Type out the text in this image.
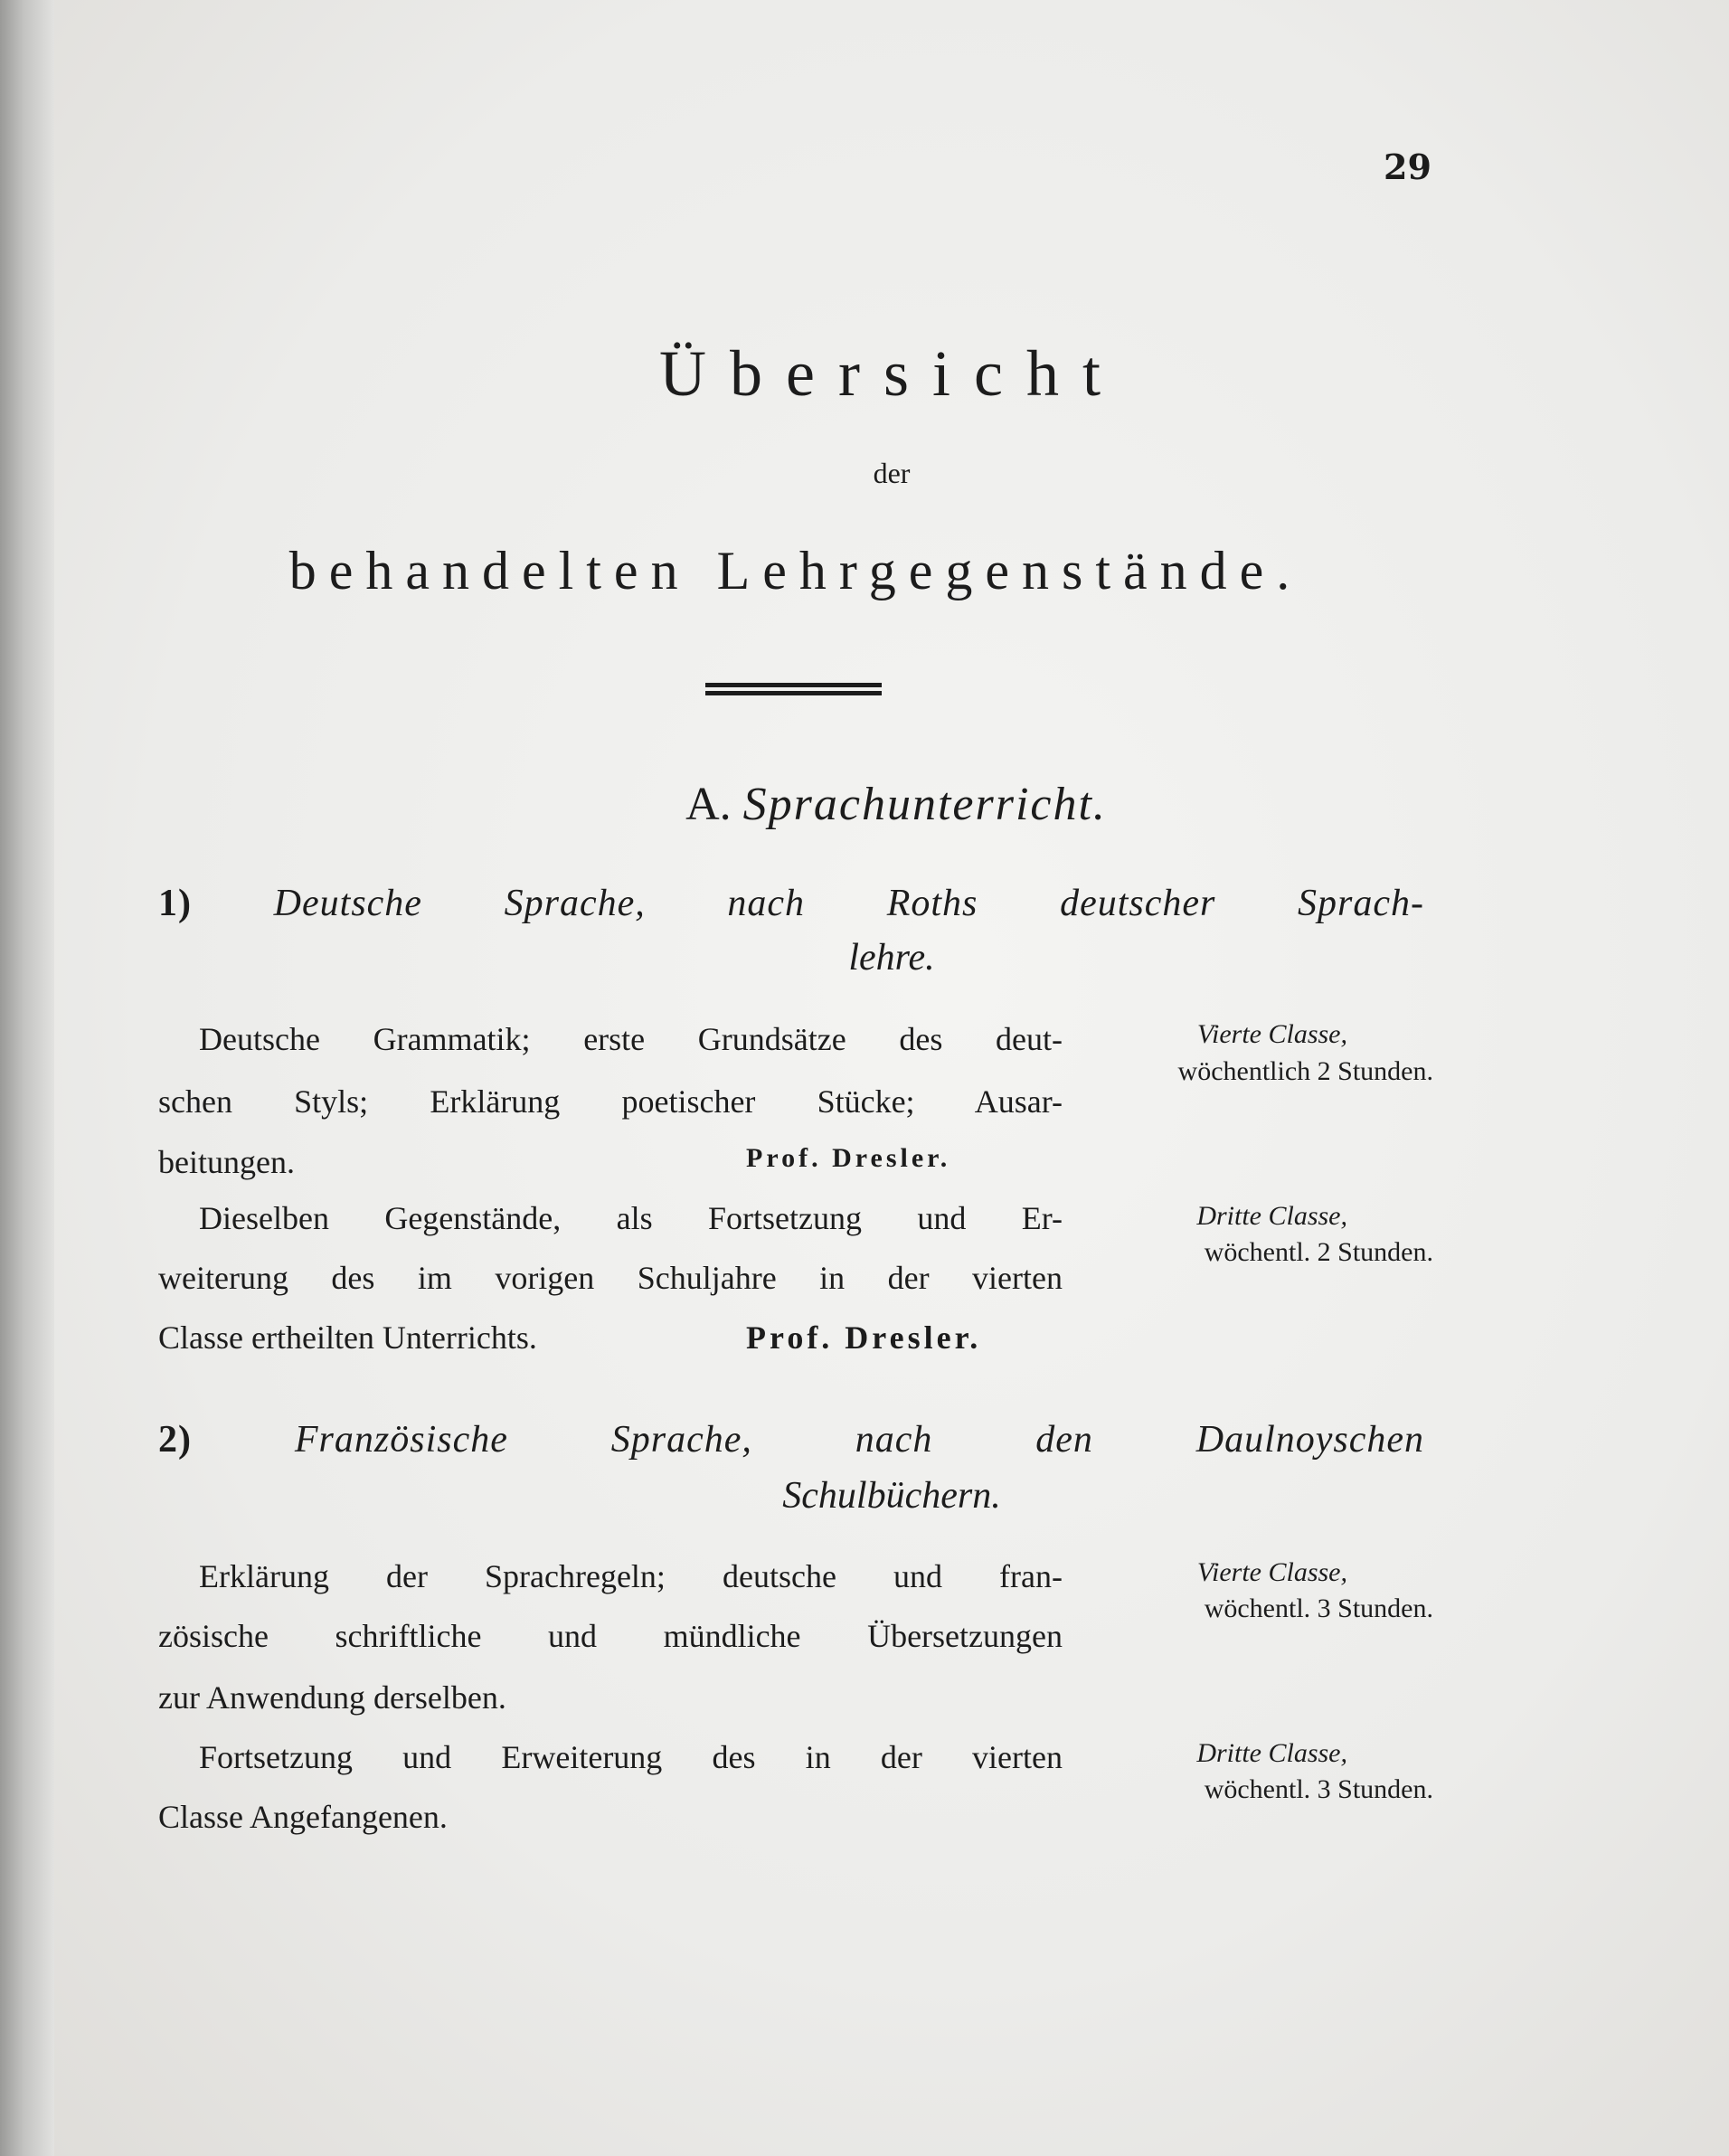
29
Übersicht
der
behandelten Lehrgegenstände.
A. Sprachunterricht.
1) Deutsche Sprache, nach Roths deutscher Sprach-
lehre.
Deutsche Grammatik; erste Grundsätze des deut-
schen Styls; Erklärung poetischer Stücke; Ausar-
beitungen.	Prof. Dresler.
Vierte Classe,
wöchentlich 2 Stunden.
Dieselben Gegenstände, als Fortsetzung und Er-
weiterung des im vorigen Schuljahre in der vierten
Classe ertheilten Unterrichts.	Prof. Dresler.
Dritte Classe,
wöchentl. 2 Stunden.
2)	Französische Sprache, nach den Daulnoyschen
Schulbüchern.
Erklärung der Sprachregeln; deutsche und fran-
zösische schriftliche und mündliche Übersetzungen
zur Anwendung derselben.
Vierte Classe,
wöchentl. 3 Stunden.
Fortsetzung und Erweiterung des in der vierten
Classe Angefangenen.
Dritte Classe,
wöchentl. 3 Stunden.
